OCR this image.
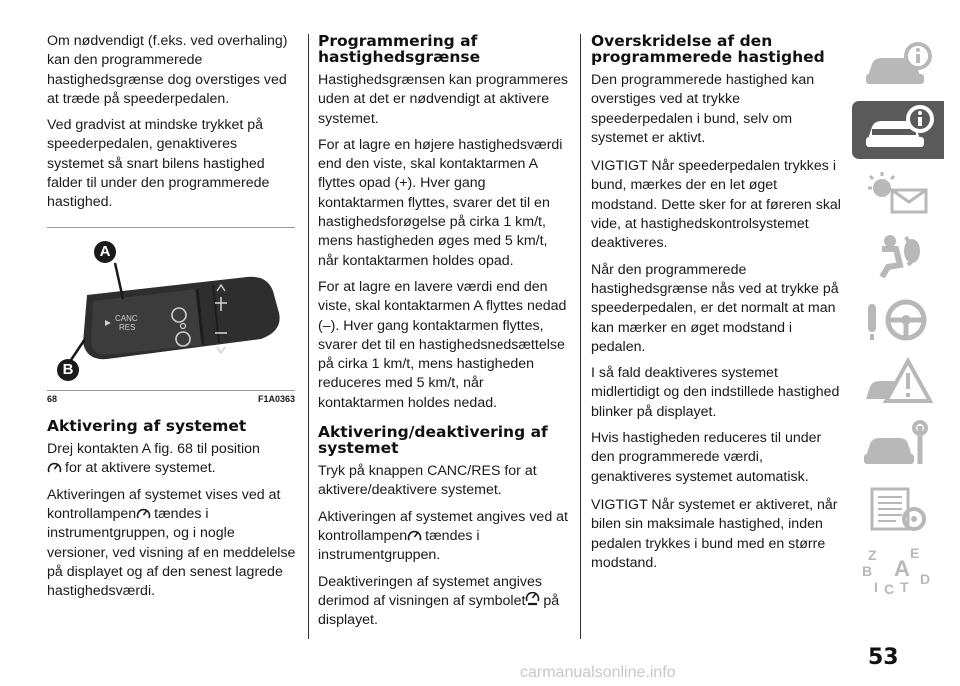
Om nødvendigt (f.eks. ved overhaling) kan den programmerede hastighedsgrænse dog overstiges ved at træde på speederpedalen.

Ved gradvist at mindske trykket på speederpedalen, genaktiveres systemet så snart bilens hastighed falder til under den programmerede hastighed.

CANC
RES
A
B
68	F1A0363
Aktivering af systemet

Drej kontakten A fig. 68 til position
for at aktivere systemet.

Aktiveringen af systemet vises ved at kontrollampen tændes i instrumentgruppen, og i nogle versioner, ved visning af en meddelelse på displayet og af den senest lagrede hastighedsværdi.

Programmering af hastighedsgrænse

Hastighedsgrænsen kan programmeres uden at det er nødvendigt at aktivere systemet.

For at lagre en højere hastighedsværdi end den viste, skal kontaktarmen A flyttes opad (+). Hver gang kontaktarmen flyttes, svarer det til en hastighedsforøgelse på cirka 1 km/t, mens hastigheden øges med 5 km/t, når kontaktarmen holdes opad.

For at lagre en lavere værdi end den viste, skal kontaktarmen A flyttes nedad (–). Hver gang kontaktarmen flyttes, svarer det til en hastighedsnedsættelse på cirka 1 km/t, mens hastigheden reduceres med 5 km/t, når kontaktarmen holdes nedad.

Aktivering/deaktivering af systemet

Tryk på knappen CANC/RES for at aktivere/deaktivere systemet.

Aktiveringen af systemet angives ved at kontrollampen tændes i instrumentgruppen.

Deaktiveringen af systemet angives derimod af visningen af symbolet på displayet.

Overskridelse af den programmerede hastighed

Den programmerede hastighed kan overstiges ved at trykke speederpedalen i bund, selv om systemet er aktivt.

VIGTIGT Når speederpedalen trykkes i bund, mærkes der en let øget modstand. Dette sker for at føreren skal vide, at hastighedskontrolsystemet deaktiveres.

Når den programmerede hastighedsgrænse nås ved at trykke på speederpedalen, er det normalt at man kan mærker en øget modstand i pedalen.

I så fald deaktiveres systemet midlertidigt og den indstillede hastighed blinker på displayet.

Hvis hastigheden reduceres til under den programmerede værdi, genaktiveres systemet automatisk.

VIGTIGT Når systemet er aktiveret, når bilen sin maksimale hastighed, inden pedalen trykkes i bund med en større modstand.	Z E
B A
I C T D
53
carmanualsonline.info
